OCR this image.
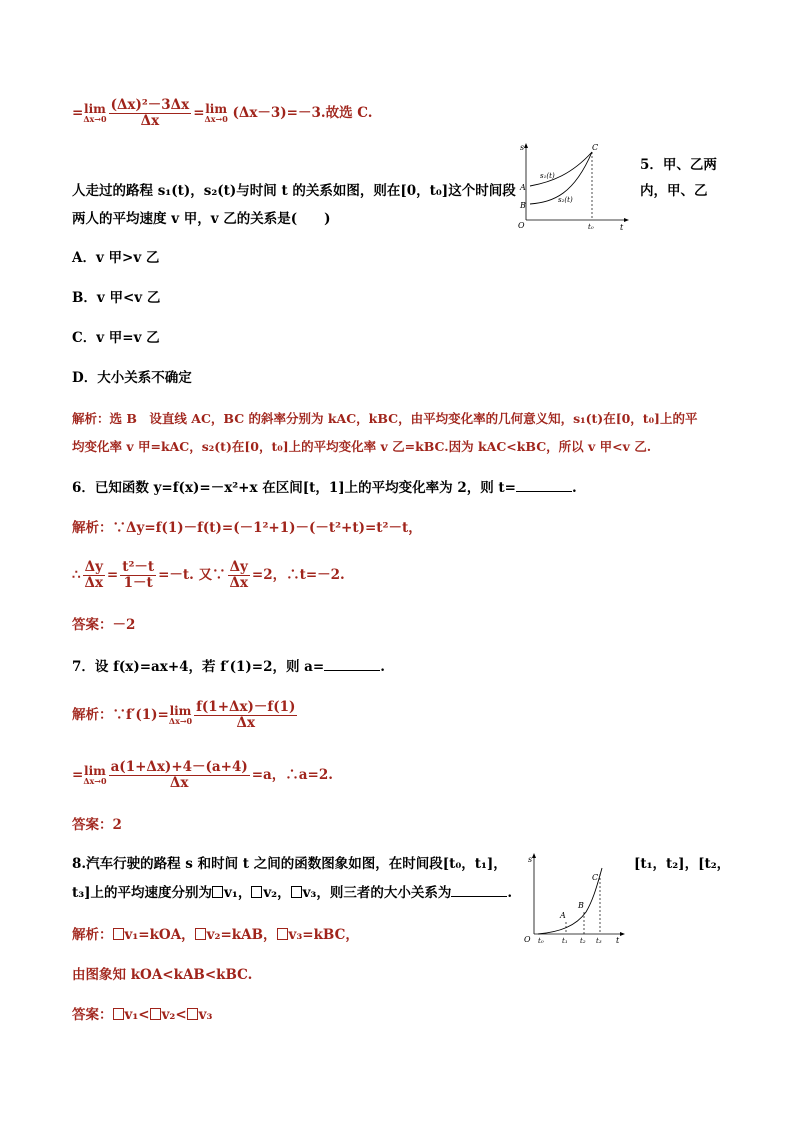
=lim
$\Delta x\to 0 \frac{\text{(Δx)²－3Δx}}{\Delta x} =\lim$
Δx→0 (Δx－3)=－3.故选 C.
5．甲、乙两
内，甲、乙
人走过的路程 s₁(t)，s₂(t)与时间 t 的关系如图，则在[0，t₀]这个时间段
两人的平均速度 v 甲，v 乙的关系是(　　)
s
t
O
A
B
C
s₁(t)
s₂(t)
t₀
A．v 甲>v 乙
B．v 甲<v 乙
C．v 甲=v 乙
D．大小关系不确定
解析：选 B　设直线 AC，BC 的斜率分别为 kAC，kBC，由平均变化率的几何意义知，s₁(t)在[0，t₀]上的平
均变化率 v 甲=kAC，s₂(t)在[0，t₀]上的平均变化率 v 乙=kBC.因为 kAC<kBC，所以 v 甲<v 乙.
6．已知函数 y=f(x)=－x²+x 在区间[t，1]上的平均变化率为 2，则 t=	.
解析：∵Δy=f(1)－f(t)=(－1²+1)－(－t²+t)=t²－t，
∴ $\frac{\Delta y}{\Delta x} = \frac{\text{t²－t}}{1-t} =-t$. 又∵ $\frac{\Delta y}{\Delta x} =2$，∴t=－2.
答案：－2
7．设 f(x)=ax+4，若 f′(1)=2，则 a=	.
解析：∵f′(1)=lim
$\Delta x\to 0 \frac{f(1+\Delta x)-f(1)}{\Delta x}$
=lim
$\Delta x\to 0 \frac{a(1+\Delta x)+4-(a+4)}{\Delta x} =a$，∴a=2.
答案：2
8.汽车行驶的路程 s 和时间 t 之间的函数图象如图，在时间段[t₀，t₁]，	[t₁，t₂]，[t₂，
t₃]上的平均速度分别为 v₁， v₂， v₃，则三者的大小关系为	.
s
t
O
A
B
C
t₀	t₁ t₂ t₃
解析： v₁=kOA， v₂=kAB， v₃=kBC，
由图象知 kOA<kAB<kBC.
答案： v₁< v₂< v₃
